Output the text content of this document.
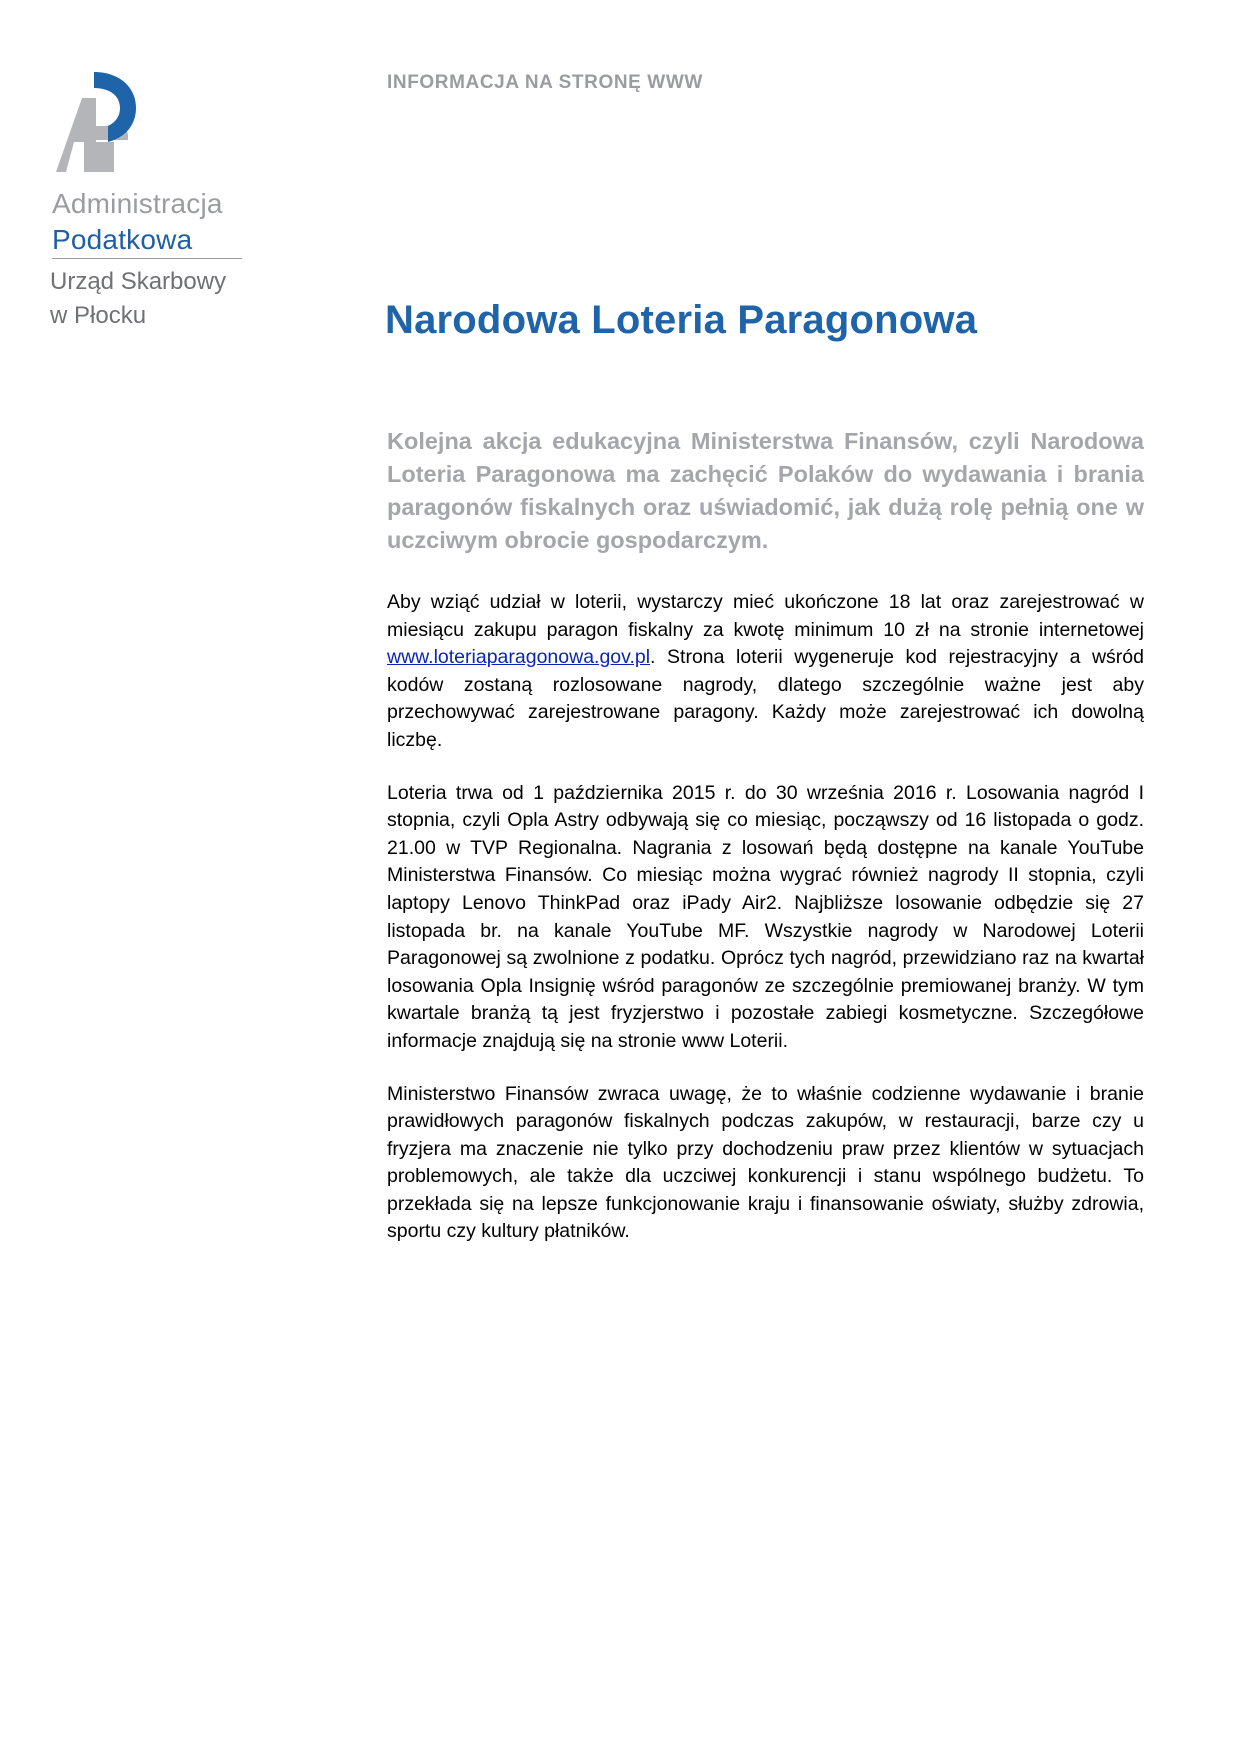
Administracja
Podatkowa
Urząd Skarbowy
w Płocku
INFORMACJA NA STRONĘ WWW
Narodowa Loteria Paragonowa

Kolejna akcja edukacyjna Ministerstwa Finansów, czyli Narodowa Loteria Paragonowa ma zachęcić Polaków do wydawania i brania paragonów fiskalnych oraz uświadomić, jak dużą rolę pełnią one w uczciwym obrocie gospodarczym.

Aby wziąć udział w loterii, wystarczy mieć ukończone 18 lat oraz zarejestrować w miesiącu zakupu paragon fiskalny za kwotę minimum 10 zł na stronie internetowej www.loteriaparagonowa.gov.pl. Strona loterii wygeneruje kod rejestracyjny a wśród kodów zostaną rozlosowane nagrody, dlatego szczególnie ważne jest aby przechowywać zarejestrowane paragony. Każdy może zarejestrować ich dowolną liczbę.

Loteria trwa od 1 października 2015 r. do 30 września 2016 r. Losowania nagród I stopnia, czyli Opla Astry odbywają się co miesiąc, począwszy od 16 listopada o godz. 21.00 w TVP Regionalna. Nagrania z losowań będą dostępne na kanale YouTube Ministerstwa Finansów. Co miesiąc można wygrać również nagrody II stopnia, czyli laptopy Lenovo ThinkPad oraz iPady Air2. Najbliższe losowanie odbędzie się 27 listopada br. na kanale YouTube MF. Wszystkie nagrody w Narodowej Loterii Paragonowej są zwolnione z podatku. Oprócz tych nagród, przewidziano raz na kwartał losowania Opla Insignię wśród paragonów ze szczególnie premiowanej branży. W tym kwartale branżą tą jest fryzjerstwo i pozostałe zabiegi kosmetyczne. Szczegółowe informacje znajdują się na stronie www Loterii.

Ministerstwo Finansów zwraca uwagę, że to właśnie codzienne wydawanie i branie prawidłowych paragonów fiskalnych podczas zakupów, w restauracji, barze czy u fryzjera ma znaczenie nie tylko przy dochodzeniu praw przez klientów w sytuacjach problemowych, ale także dla uczciwej konkurencji i stanu wspólnego budżetu. To przekłada się na lepsze funkcjonowanie kraju i finansowanie oświaty, służby zdrowia, sportu czy kultury płatników.
